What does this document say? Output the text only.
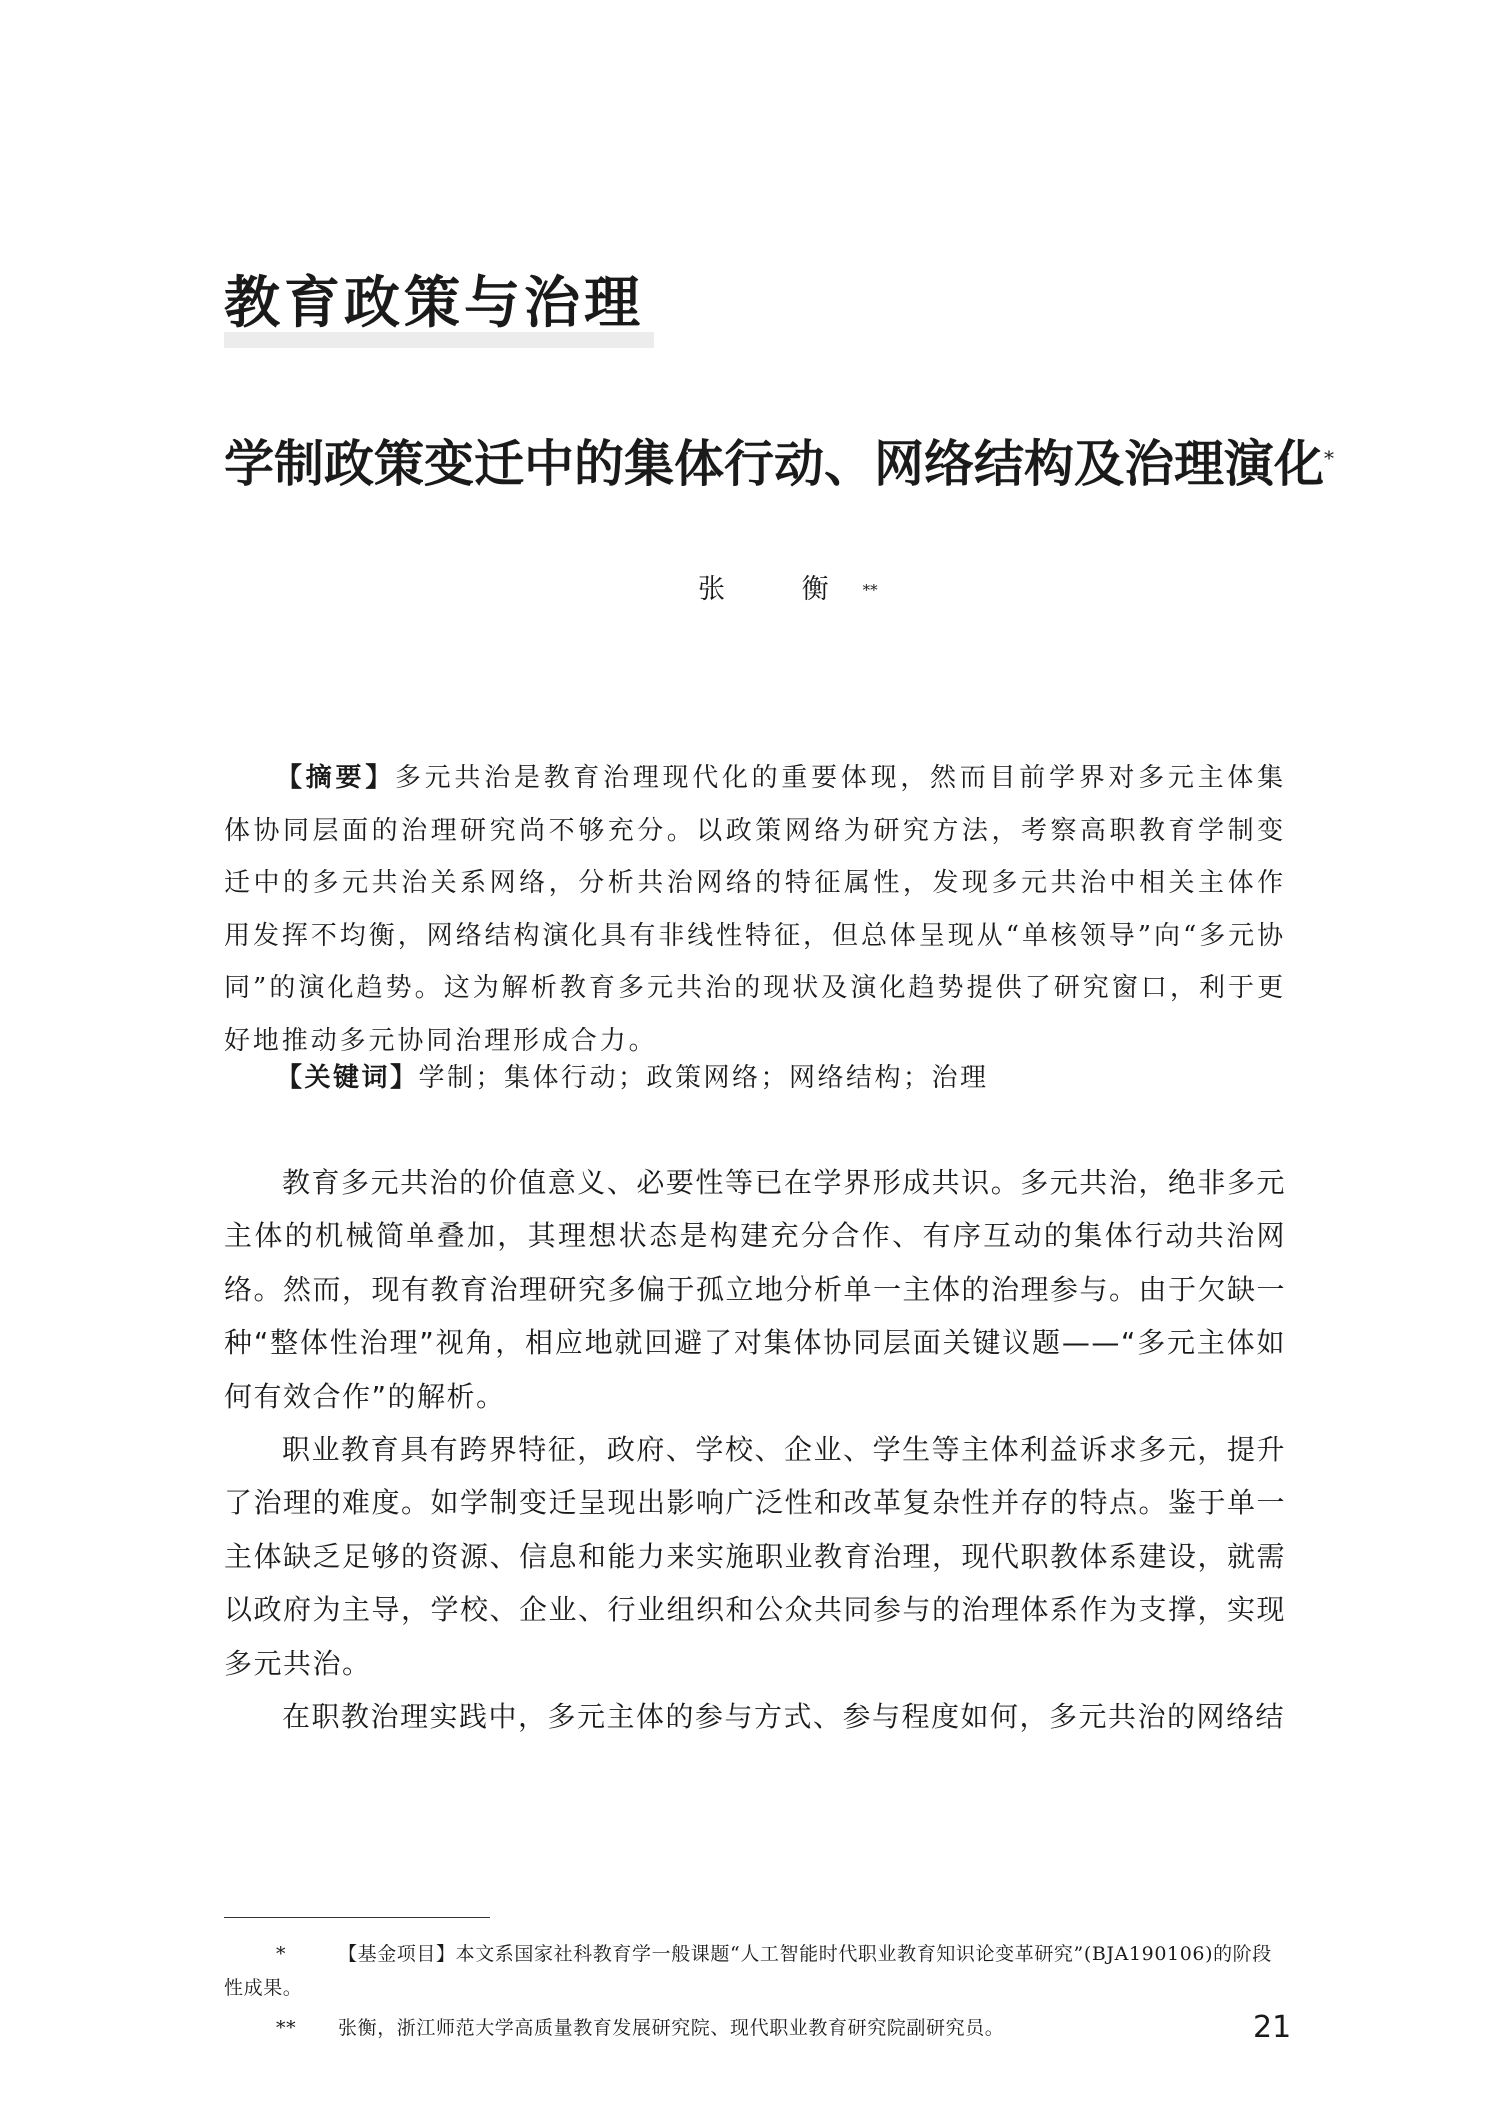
教育政策与治理
学制政策变迁中的集体行动、网络结构及治理演化*
张 衡**
【摘要】多元共治是教育治理现代化的重要体现，然而目前学界对多元主体集体协同层面的治理研究尚不够充分。以政策网络为研究方法，考察高职教育学制变迁中的多元共治关系网络，分析共治网络的特征属性，发现多元共治中相关主体作用发挥不均衡，网络结构演化具有非线性特征，但总体呈现从“单核领导”向“多元协同”的演化趋势。这为解析教育多元共治的现状及演化趋势提供了研究窗口，利于更好地推动多元协同治理形成合力。
【关键词】学制；集体行动；政策网络；网络结构；治理

教育多元共治的价值意义、必要性等已在学界形成共识。多元共治，绝非多元主体的机械简单叠加，其理想状态是构建充分合作、有序互动的集体行动共治网络。然而，现有教育治理研究多偏于孤立地分析单一主体的治理参与。由于欠缺一种“整体性治理”视角，相应地就回避了对集体协同层面关键议题——“多元主体如何有效合作”的解析。

职业教育具有跨界特征，政府、学校、企业、学生等主体利益诉求多元，提升了治理的难度。如学制变迁呈现出影响广泛性和改革复杂性并存的特点。鉴于单一主体缺乏足够的资源、信息和能力来实施职业教育治理，现代职教体系建设，就需以政府为主导，学校、企业、行业组织和公众共同参与的治理体系作为支撑，实现多元共治。

在职教治理实践中，多元主体的参与方式、参与程度如何，多元共治的网络结

*	【基金项目】本文系国家社科教育学一般课题“人工智能时代职业教育知识论变革研究”(BJA190106)的阶段性成果。
** 张衡，浙江师范大学高质量教育发展研究院、现代职业教育研究院副研究员。	21
